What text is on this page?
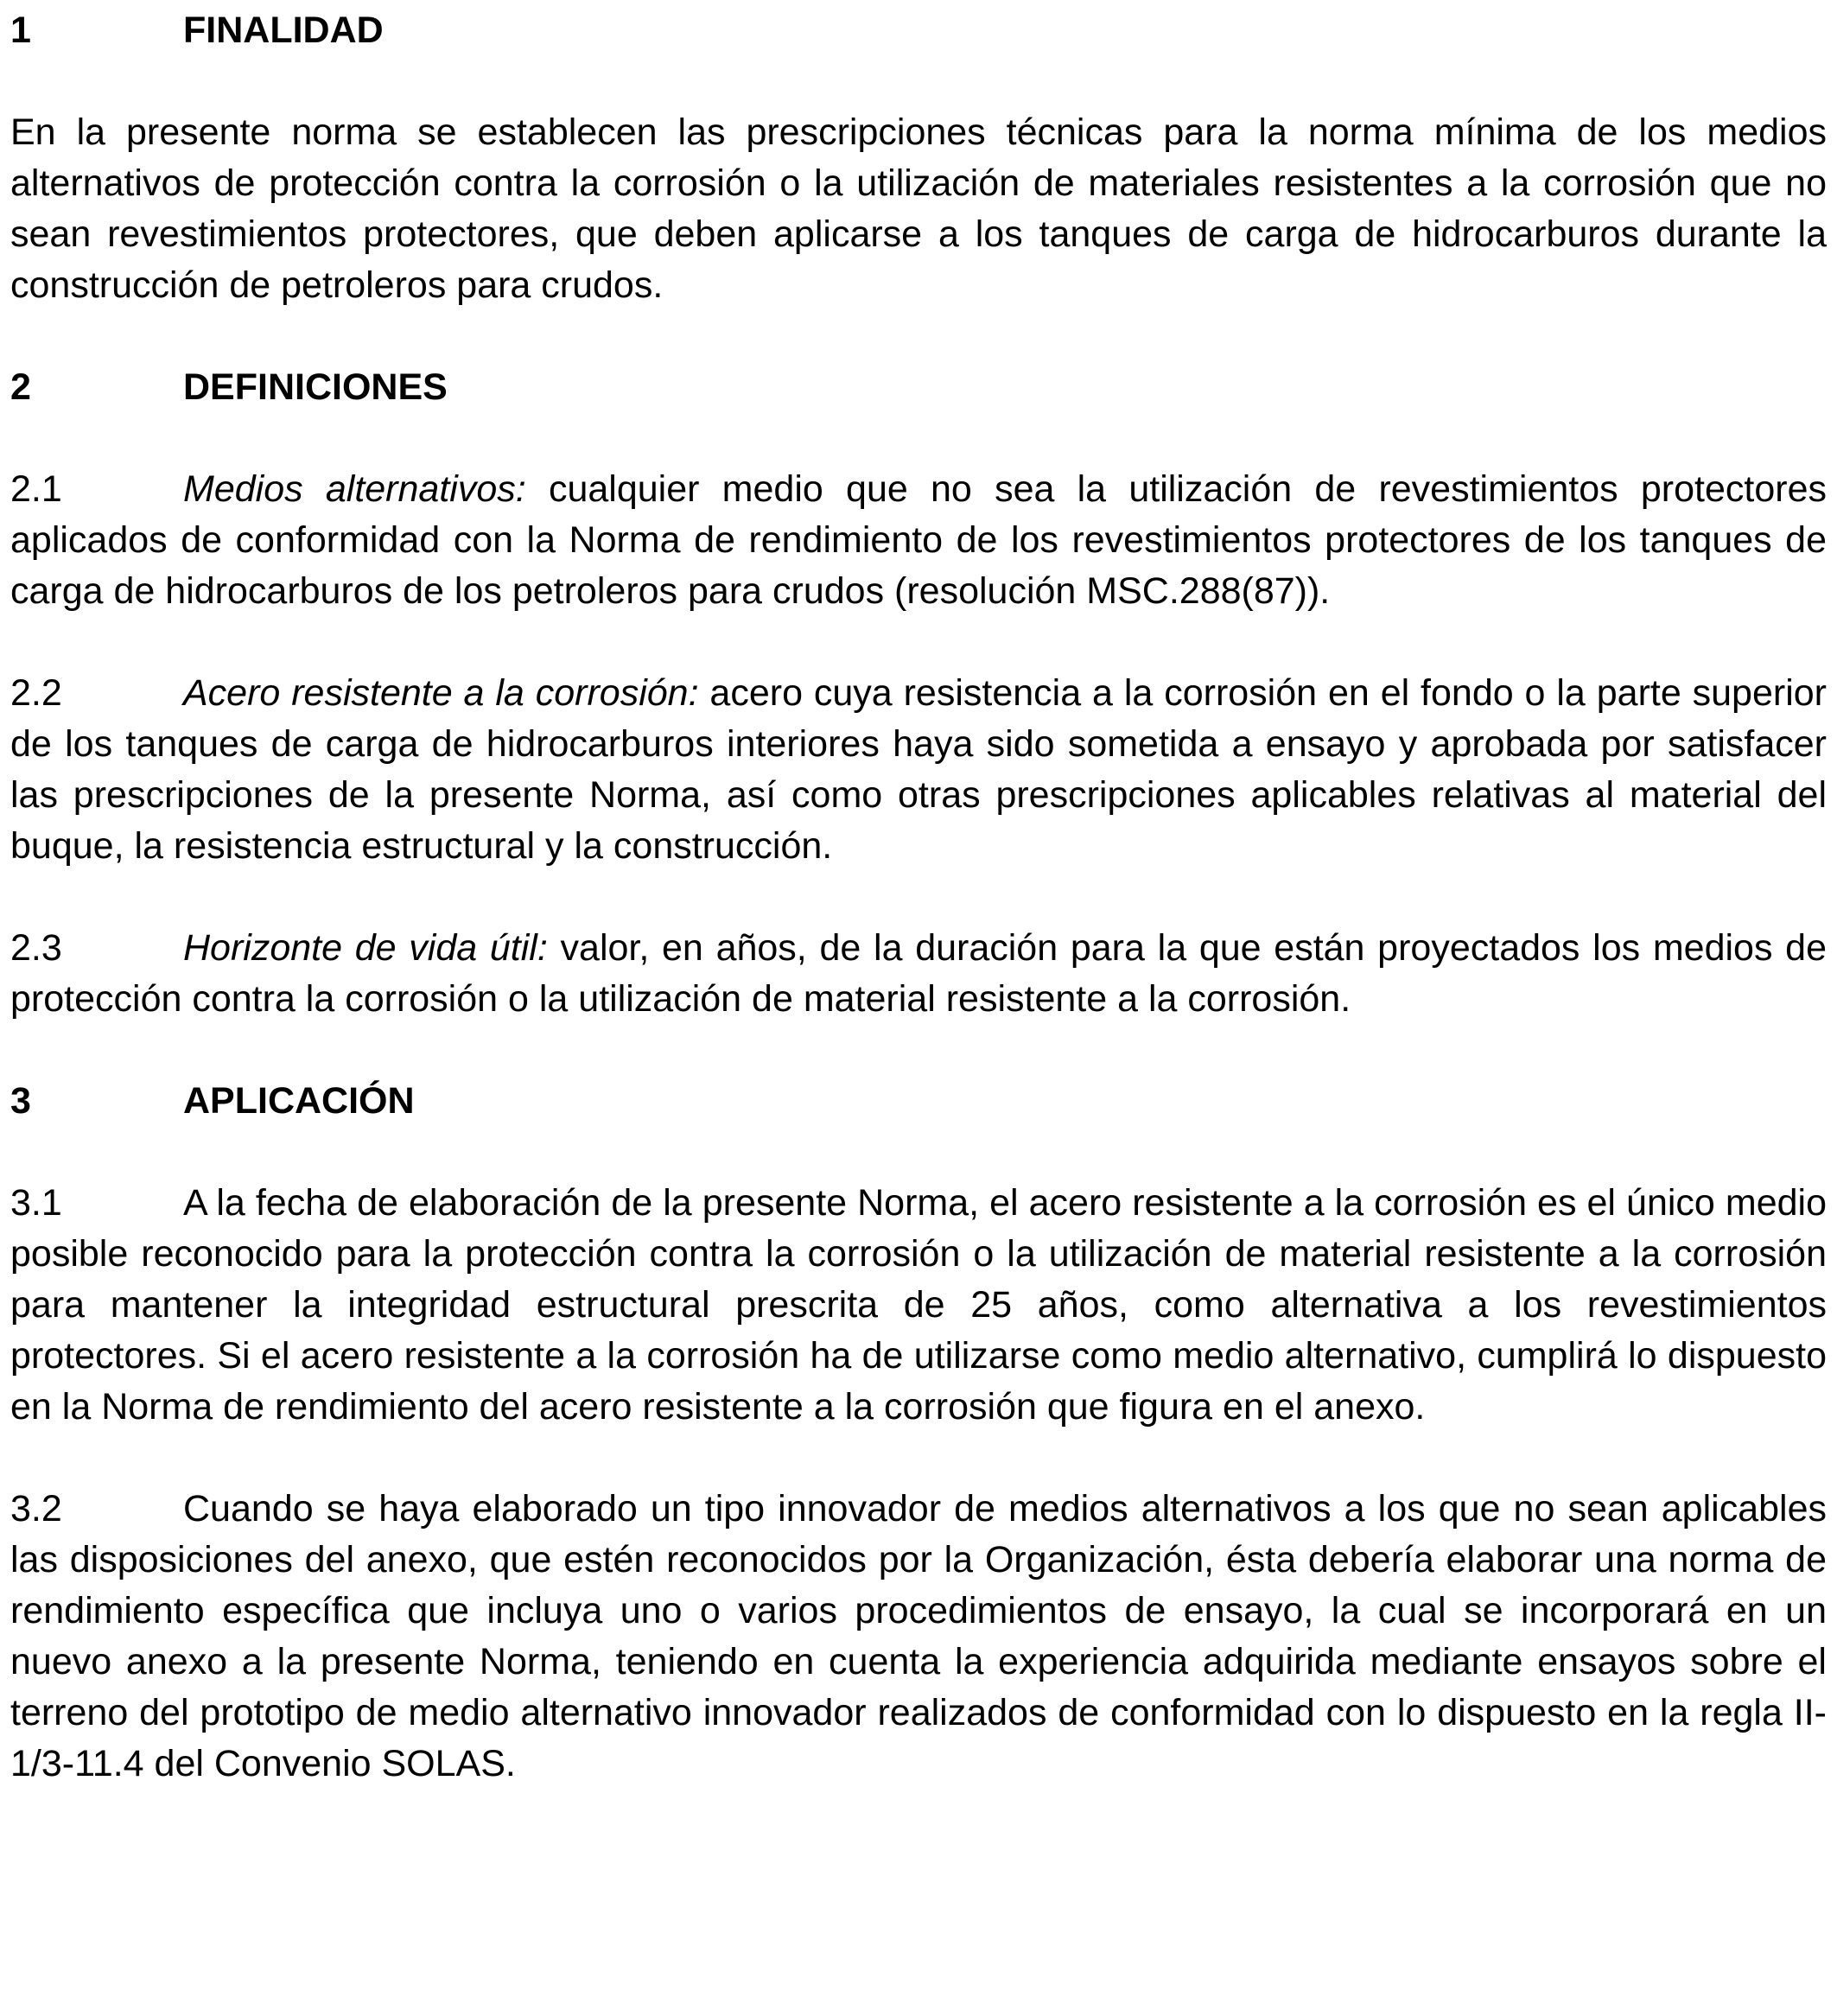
1	FINALIDAD

En la presente norma se establecen las prescripciones técnicas para la norma mínima de los medios alternativos de protección contra la corrosión o la utilización de materiales resistentes a la corrosión que no sean revestimientos protectores, que deben aplicarse a los tanques de carga de hidrocarburos durante la construcción de petroleros para crudos.

2	DEFINICIONES

2.1	Medios alternativos: cualquier medio que no sea la utilización de revestimientos protectores aplicados de conformidad con la Norma de rendimiento de los revestimientos protectores de los tanques de carga de hidrocarburos de los petroleros para crudos (resolución MSC.288(87)).

2.2	Acero resistente a la corrosión: acero cuya resistencia a la corrosión en el fondo o la parte superior de los tanques de carga de hidrocarburos interiores haya sido sometida a ensayo y aprobada por satisfacer las prescripciones de la presente Norma, así como otras prescripciones aplicables relativas al material del buque, la resistencia estructural y la construcción.

2.3	Horizonte de vida útil: valor, en años, de la duración para la que están proyectados los medios de protección contra la corrosión o la utilización de material resistente a la corrosión.

3	APLICACIÓN

3.1	A la fecha de elaboración de la presente Norma, el acero resistente a la corrosión es el único medio posible reconocido para la protección contra la corrosión o la utilización de material resistente a la corrosión para mantener la integridad estructural prescrita de 25 años, como alternativa a los revestimientos protectores. Si el acero resistente a la corrosión ha de utilizarse como medio alternativo, cumplirá lo dispuesto en la Norma de rendimiento del acero resistente a la corrosión que figura en el anexo.

3.2	Cuando se haya elaborado un tipo innovador de medios alternativos a los que no sean aplicables las disposiciones del anexo, que estén reconocidos por la Organización, ésta debería elaborar una norma de rendimiento específica que incluya uno o varios procedimientos de ensayo, la cual se incorporará en un nuevo anexo a la presente Norma, teniendo en cuenta la experiencia adquirida mediante ensayos sobre el terreno del prototipo de medio alternativo innovador realizados de conformidad con lo dispuesto en la regla II-1/3-11.4 del Convenio SOLAS.
